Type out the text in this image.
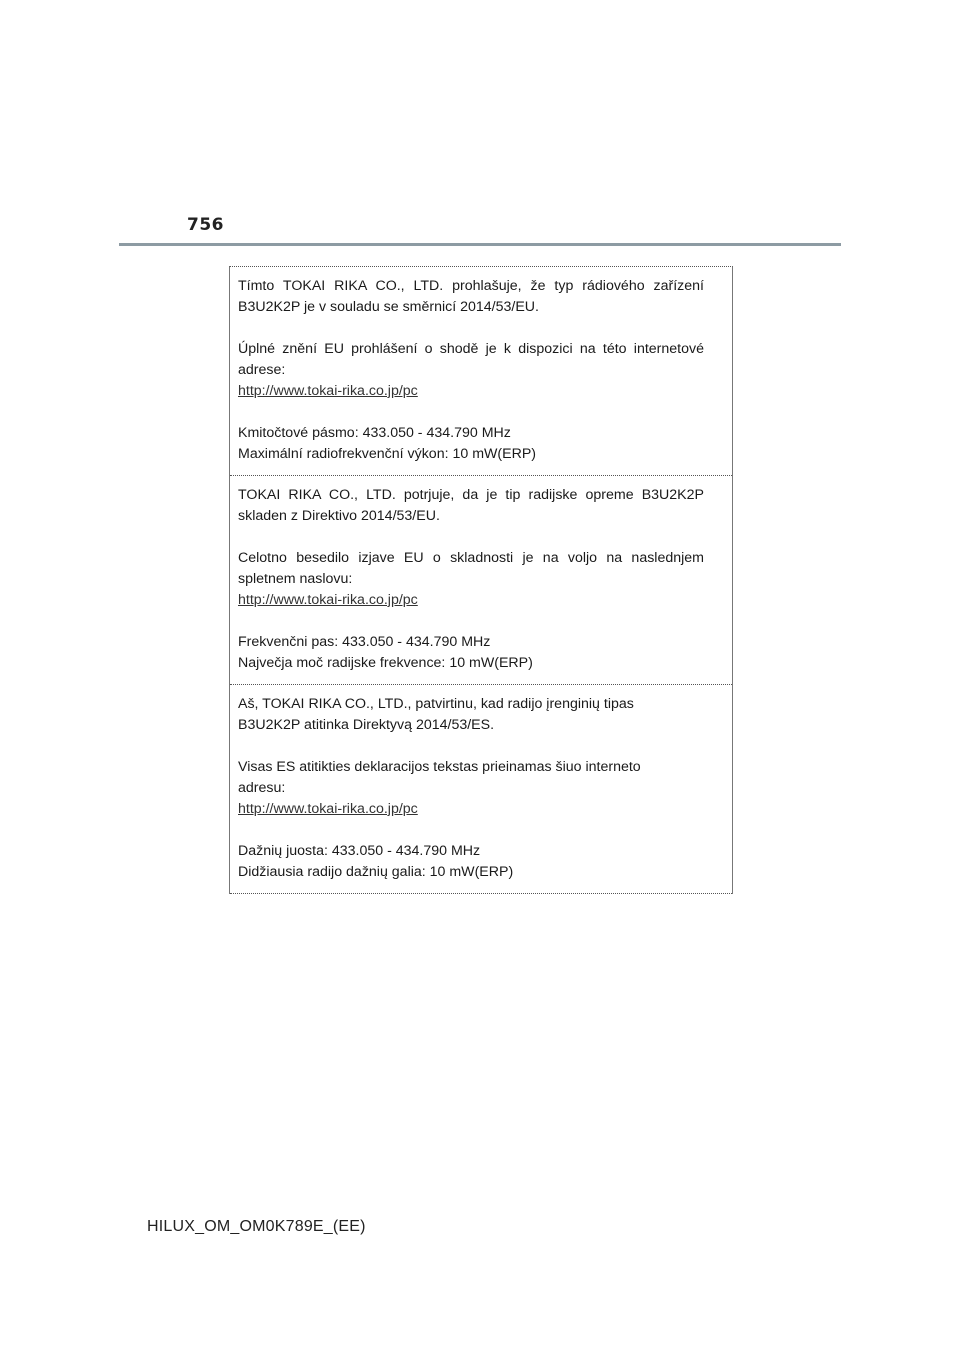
756

Tímto TOKAI RIKA CO., LTD. prohlašuje, že typ rádiového zařízení B3U2K2P je v souladu se směrnicí 2014/53/EU.

Úplné znění EU prohlášení o shodě je k dispozici na této internetové adrese:
http://www.tokai-rika.co.jp/pc

Kmitočtové pásmo: 433.050 - 434.790 MHz
Maximální radiofrekvenční výkon: 10 mW(ERP)

TOKAI RIKA CO., LTD. potrjuje, da je tip radijske opreme B3U2K2P skladen z Direktivo 2014/53/EU.

Celotno besedilo izjave EU o skladnosti je na voljo na naslednjem spletnem naslovu:
http://www.tokai-rika.co.jp/pc

Frekvenčni pas: 433.050 - 434.790 MHz
Največja moč radijske frekvence: 10 mW(ERP)

Aš, TOKAI RIKA CO., LTD., patvirtinu, kad radijo įrenginių tipas
B3U2K2P atitinka Direktyvą 2014/53/ES.

Visas ES atitikties deklaracijos tekstas prieinamas šiuo interneto
adresu:
http://www.tokai-rika.co.jp/pc

Dažnių juosta: 433.050 - 434.790 MHz
Didžiausia radijo dažnių galia: 10 mW(ERP)

HILUX_OM_OM0K789E_(EE)
